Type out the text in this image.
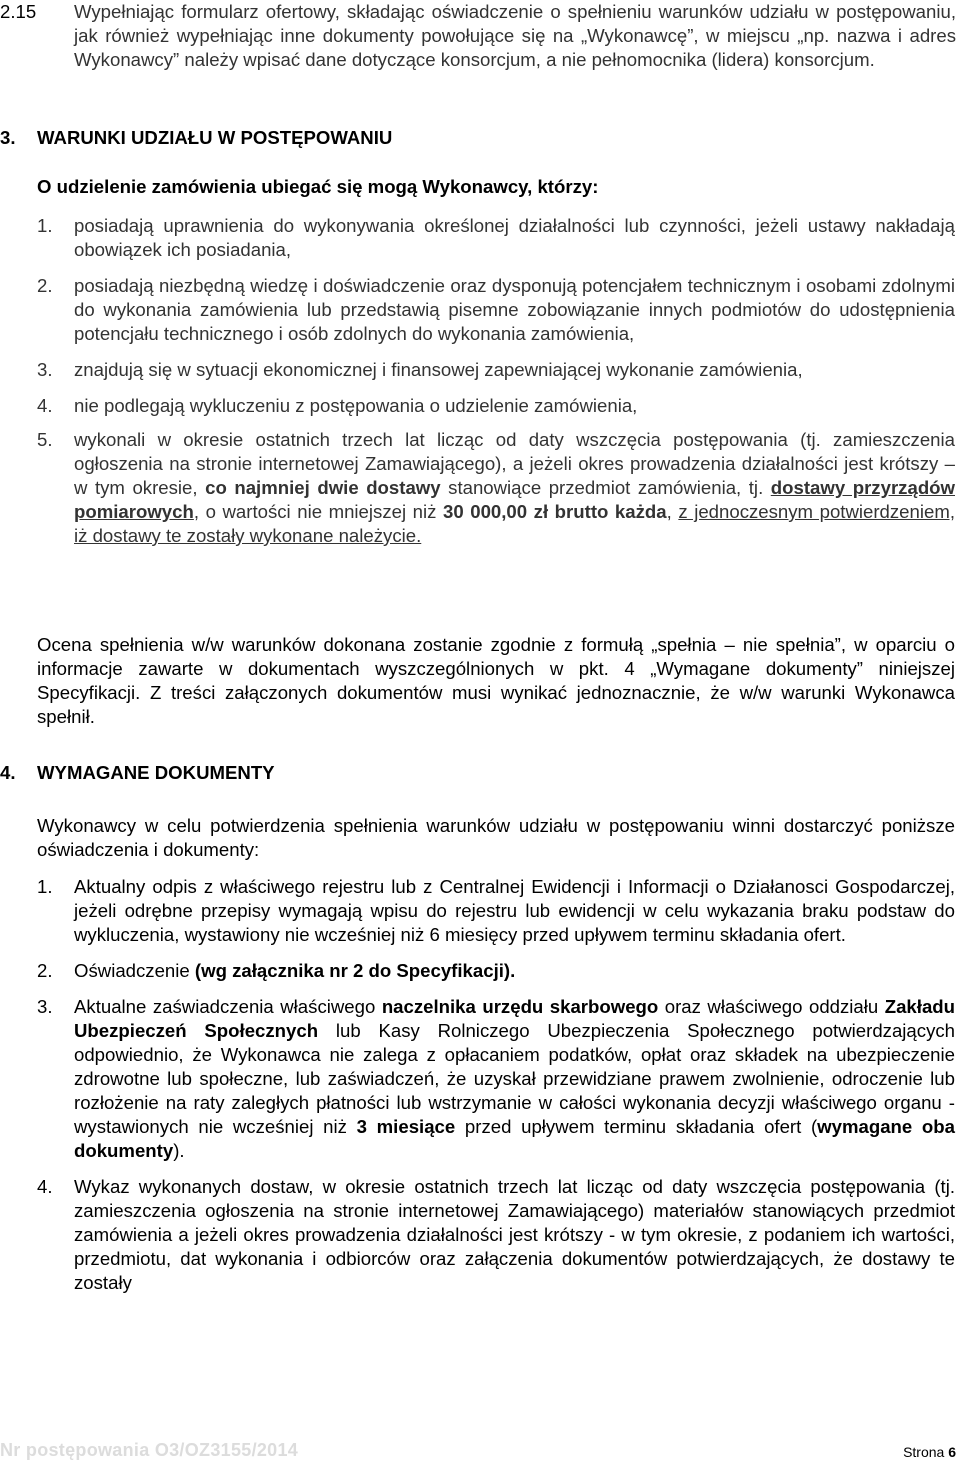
2.15 Wypełniając formularz ofertowy, składając oświadczenie o spełnieniu warunków udziału w postępowaniu, jak również wypełniając inne dokumenty powołujące się na „Wykonawcę”, w miejscu „np. nazwa i adres Wykonawcy” należy wpisać dane dotyczące konsorcjum, a nie pełnomocnika (lidera) konsorcjum.
3. WARUNKI UDZIAŁU W POSTĘPOWANIU
O udzielenie zamówienia ubiegać się mogą Wykonawcy, którzy:
1. posiadają uprawnienia do wykonywania określonej działalności lub czynności, jeżeli ustawy nakładają obowiązek ich posiadania,
2. posiadają niezbędną wiedzę i doświadczenie oraz dysponują potencjałem technicznym i osobami zdolnymi do wykonania zamówienia lub przedstawią pisemne zobowiązanie innych podmiotów do udostępnienia potencjału technicznego i osób zdolnych do wykonania zamówienia,
3. znajdują się w sytuacji ekonomicznej i finansowej zapewniającej wykonanie zamówienia,
4. nie podlegają wykluczeniu z postępowania o udzielenie zamówienia,
5. wykonali w okresie ostatnich trzech lat licząc od daty wszczęcia postępowania (tj. zamieszczenia ogłoszenia na stronie internetowej Zamawiającego), a jeżeli okres prowadzenia działalności jest krótszy – w tym okresie, co najmniej dwie dostawy stanowiące przedmiot zamówienia, tj. dostawy przyrządów pomiarowych, o wartości nie mniejszej niż 30 000,00 zł brutto każda, z jednoczesnym potwierdzeniem, iż dostawy te zostały wykonane należycie.
Ocena spełnienia w/w warunków dokonana zostanie zgodnie z formułą „spełnia – nie spełnia”, w oparciu o informacje zawarte w dokumentach wyszczególnionych w pkt. 4 „Wymagane dokumenty” niniejszej Specyfikacji. Z treści załączonych dokumentów musi wynikać jednoznacznie, że w/w warunki Wykonawca spełnił.
4. WYMAGANE DOKUMENTY
Wykonawcy w celu potwierdzenia spełnienia warunków udziału w postępowaniu winni dostarczyć poniższe oświadczenia i dokumenty:
1. Aktualny odpis z właściwego rejestru lub z Centralnej Ewidencji i Informacji o Działanosci Gospodarczej, jeżeli odrębne przepisy wymagają wpisu do rejestru lub ewidencji w celu wykazania braku podstaw do wykluczenia, wystawiony nie wcześniej niż 6 miesięcy przed upływem terminu składania ofert.
2. Oświadczenie (wg załącznika nr 2 do Specyfikacji).
3. Aktualne zaświadczenia właściwego naczelnika urzędu skarbowego oraz właściwego oddziału Zakładu Ubezpieczeń Społecznych lub Kasy Rolniczego Ubezpieczenia Społecznego potwierdzających odpowiednio, że Wykonawca nie zalega z opłacaniem podatków, opłat oraz składek na ubezpieczenie zdrowotne lub społeczne, lub zaświadczeń, że uzyskał przewidziane prawem zwolnienie, odroczenie lub rozłożenie na raty zaległych płatności lub wstrzymanie w całości wykonania decyzji właściwego organu - wystawionych nie wcześniej niż 3 miesiące przed upływem terminu składania ofert (wymagane oba dokumenty).
4. Wykaz wykonanych dostaw, w okresie ostatnich trzech lat licząc od daty wszczęcia postępowania (tj. zamieszczenia ogłoszenia na stronie internetowej Zamawiającego) materiałów stanowiących przedmiot zamówienia a jeżeli okres prowadzenia działalności jest krótszy - w tym okresie, z podaniem ich wartości, przedmiotu, dat wykonania i odbiorców oraz załączenia dokumentów potwierdzających, że dostawy te zostały
Nr postępowania O3/OZ3155/2014	Strona 6
